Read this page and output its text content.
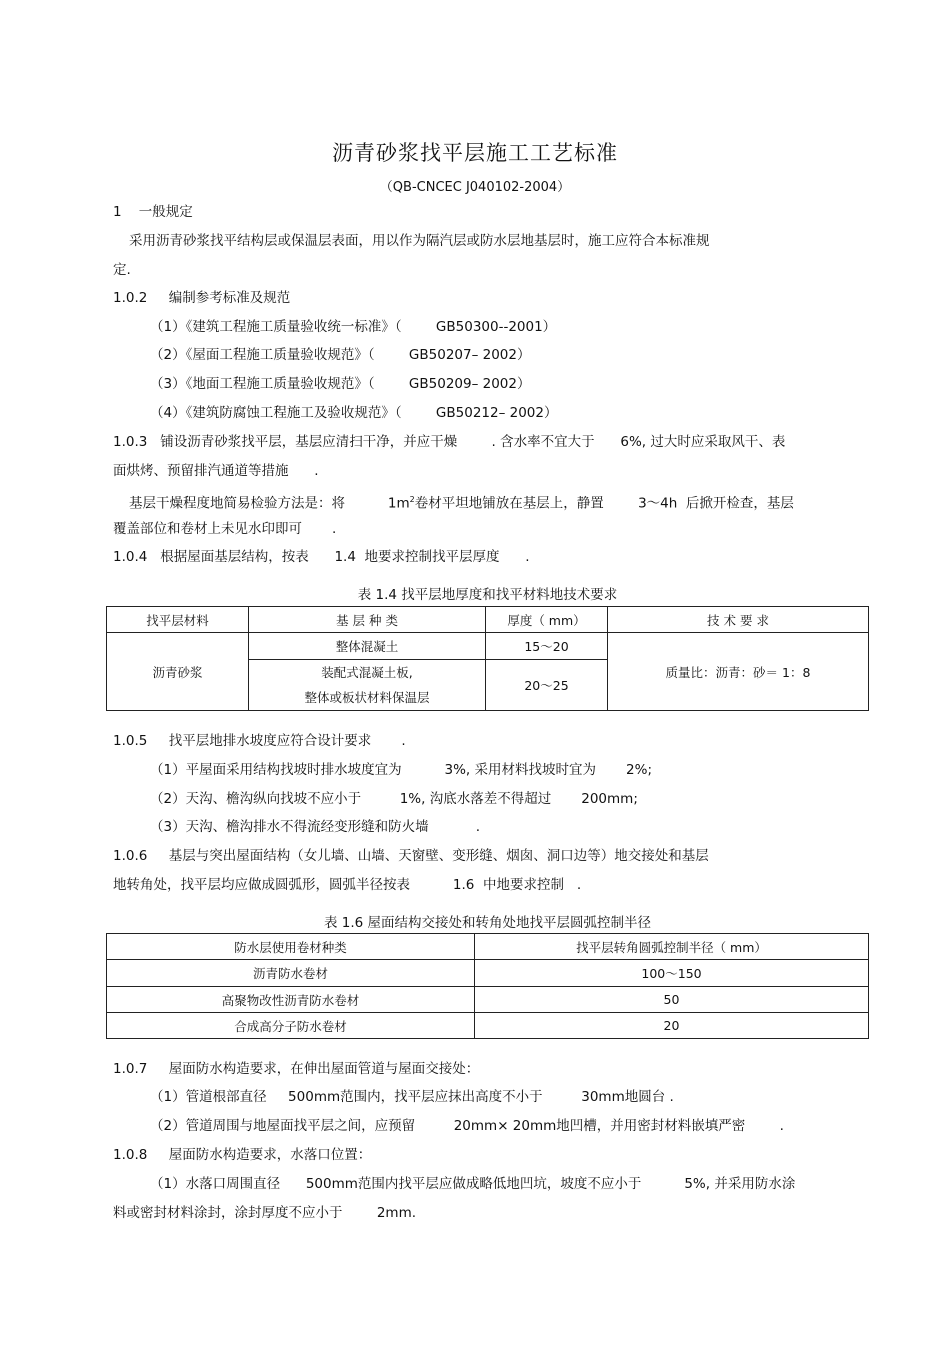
沥青砂浆找平层施工工艺标准
（QB-CNCEC J040102-2004）
1    一般规定
采用沥青砂浆找平结构层或保温层表面，用以作为隔汽层或防水层地基层时，施工应符合本标准规
定.
1.0.2     编制参考标准及规范
（1）《建筑工程施工质量验收统一标准》（        GB50300--2001）
（2）《屋面工程施工质量验收规范》（        GB50207– 2002）
（3）《地面工程施工质量验收规范》（        GB50209– 2002）
（4）《建筑防腐蚀工程施工及验收规范》（        GB50212– 2002）
1.0.3   铺设沥青砂浆找平层，基层应清扫干净，并应干燥        . 含水率不宜大于      6%, 过大时应采取风干、表
面烘烤、预留排汽通道等措施      .
基层干燥程度地简易检验方法是：将          $1m^2$卷材平坦地铺放在基层上，静置        3～4h  后掀开检查，基层
覆盖部位和卷材上未见水印即可       .
1.0.4   根据屋面基层结构，按表      1.4  地要求控制找平层厚度      .
表 1.4 找平层地厚度和找平材料地技术要求
找平层材料	基 层 种 类	厚度（ mm）	技 术 要 求
沥青砂浆	整体混凝土	15～20	质量比：沥青：砂＝ 1：8

	装配式混凝土板,
整体或板状材料保温层	20～25	
1.0.5     找平层地排水坡度应符合设计要求       .
（1）平屋面采用结构找坡时排水坡度宜为          3%, 采用材料找坡时宜为       2%;
（2）天沟、檐沟纵向找坡不应小于         1%, 沟底水落差不得超过       200mm;
（3）天沟、檐沟排水不得流经变形缝和防火墙           .
1.0.6     基层与突出屋面结构（女儿墙、山墙、天窗壁、变形缝、烟囱、洞口边等）地交接处和基层
地转角处，找平层均应做成圆弧形，圆弧半径按表          1.6  中地要求控制   .
表 1.6 屋面结构交接处和转角处地找平层圆弧控制半径
防水层使用卷材种类	找平层转角圆弧控制半径（ mm）
沥青防水卷材	100～150
高聚物改性沥青防水卷材	50
合成高分子防水卷材	20
1.0.7     屋面防水构造要求，在伸出屋面管道与屋面交接处：
（1）管道根部直径     500mm范围内，找平层应抹出高度不小于         30mm地圆台 .
（2）管道周围与地屋面找平层之间，应预留         20mm× 20mm地凹槽，并用密封材料嵌填严密        .
1.0.8     屋面防水构造要求，水落口位置：
（1）水落口周围直径      500mm范围内找平层应做成略低地凹坑，坡度不应小于          5%, 并采用防水涂
料或密封材料涂封，涂封厚度不应小于        2mm.
